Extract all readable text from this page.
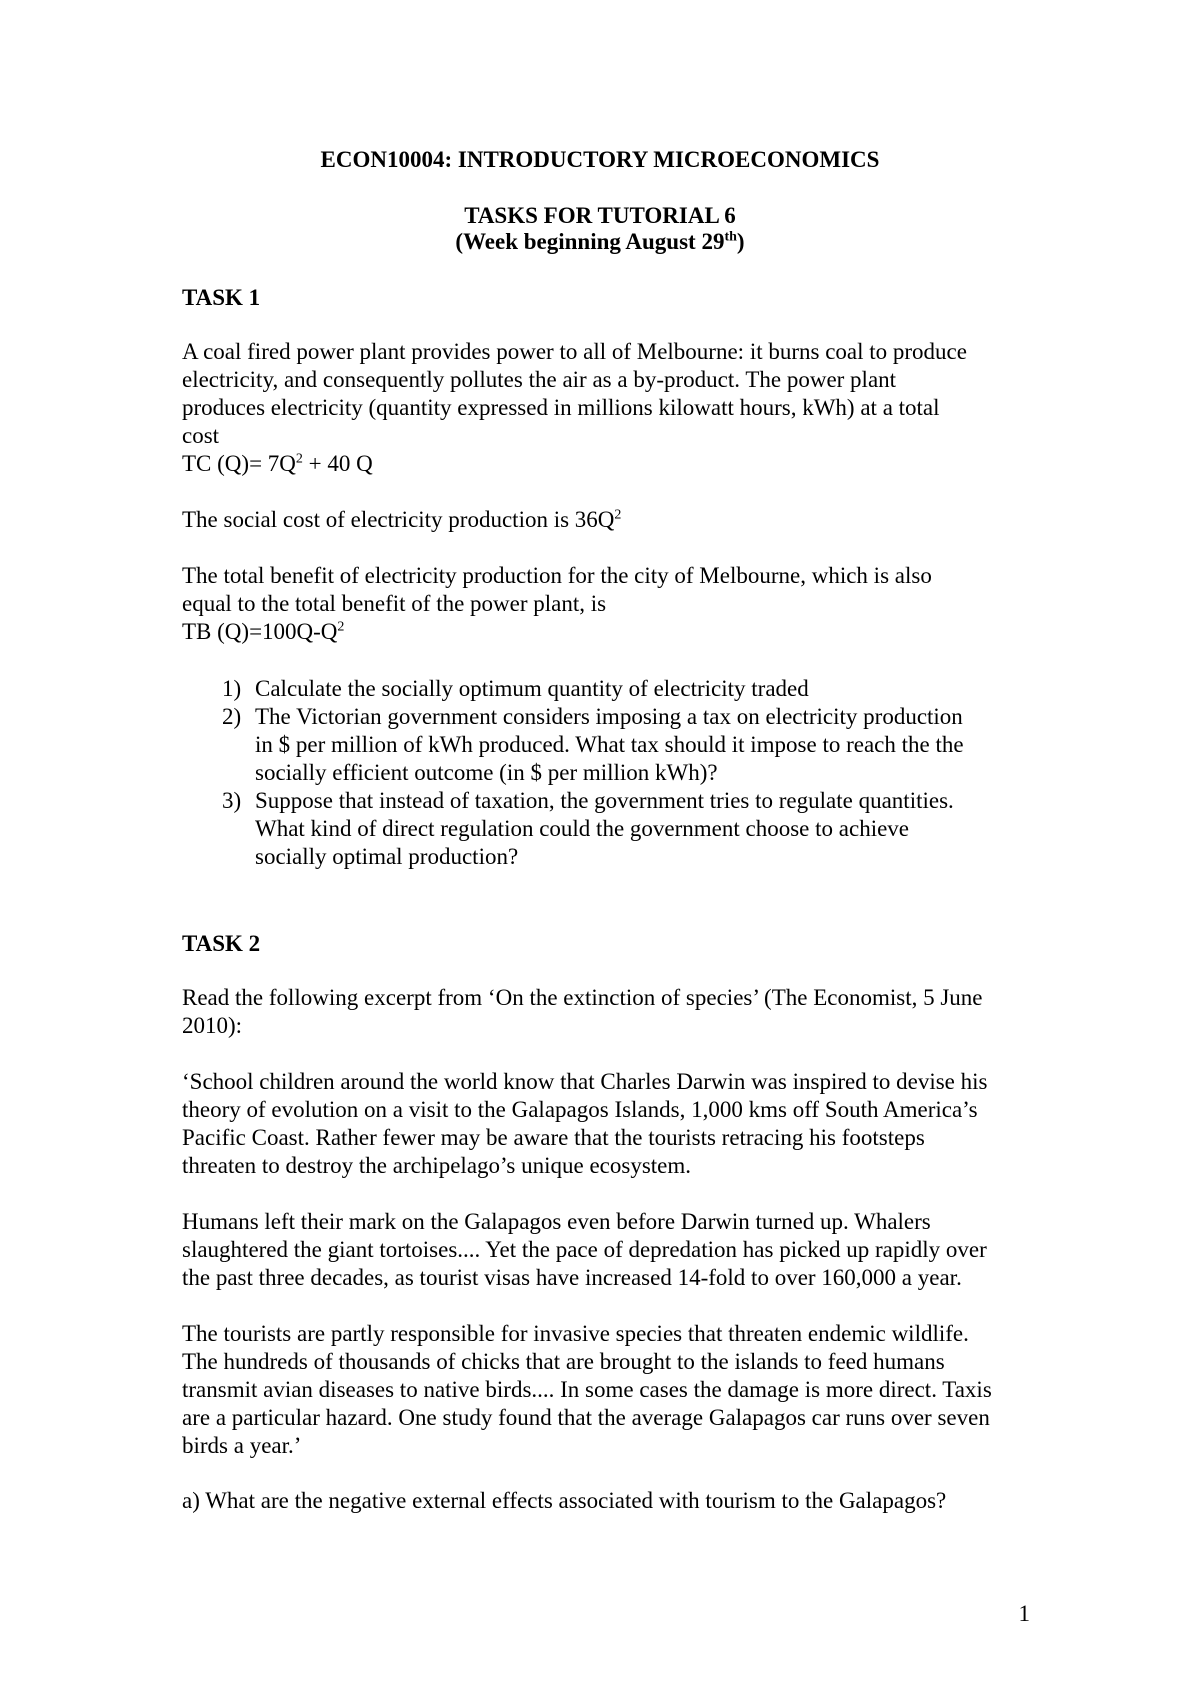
ECON10004: INTRODUCTORY MICROECONOMICS
TASKS FOR TUTORIAL 6
(Week beginning August 29th)
TASK 1

A coal fired power plant provides power to all of Melbourne: it burns coal to produce

electricity, and consequently pollutes the air as a by-product. The power plant

produces electricity (quantity expressed in millions kilowatt hours, kWh) at a total

cost

TC $(Q)= 7Q^2 + 40$ Q

The social cost of electricity production is $36Q^2$

The total benefit of electricity production for the city of Melbourne, which is also

equal to the total benefit of the power plant, is

TB $(Q)=100Q-Q^2$

1) Calculate the socially optimum quantity of electricity traded

2) The Victorian government considers imposing a tax on electricity production

in $ per million of kWh produced. What tax should it impose to reach the the

socially efficient outcome (in $ per million kWh)?

3) Suppose that instead of taxation, the government tries to regulate quantities.

What kind of direct regulation could the government choose to achieve

socially optimal production?

TASK 2

Read the following excerpt from ‘On the extinction of species’ (The Economist, 5 June

2010):

‘School children around the world know that Charles Darwin was inspired to devise his

theory of evolution on a visit to the Galapagos Islands, 1,000 kms off South America’s

Pacific Coast. Rather fewer may be aware that the tourists retracing his footsteps

threaten to destroy the archipelago’s unique ecosystem.

Humans left their mark on the Galapagos even before Darwin turned up. Whalers

slaughtered the giant tortoises.... Yet the pace of depredation has picked up rapidly over

the past three decades, as tourist visas have increased 14-fold to over 160,000 a year.

The tourists are partly responsible for invasive species that threaten endemic wildlife.

The hundreds of thousands of chicks that are brought to the islands to feed humans

transmit avian diseases to native birds.... In some cases the damage is more direct. Taxis

are a particular hazard. One study found that the average Galapagos car runs over seven

birds a year.’

a) What are the negative external effects associated with tourism to the Galapagos?
1
